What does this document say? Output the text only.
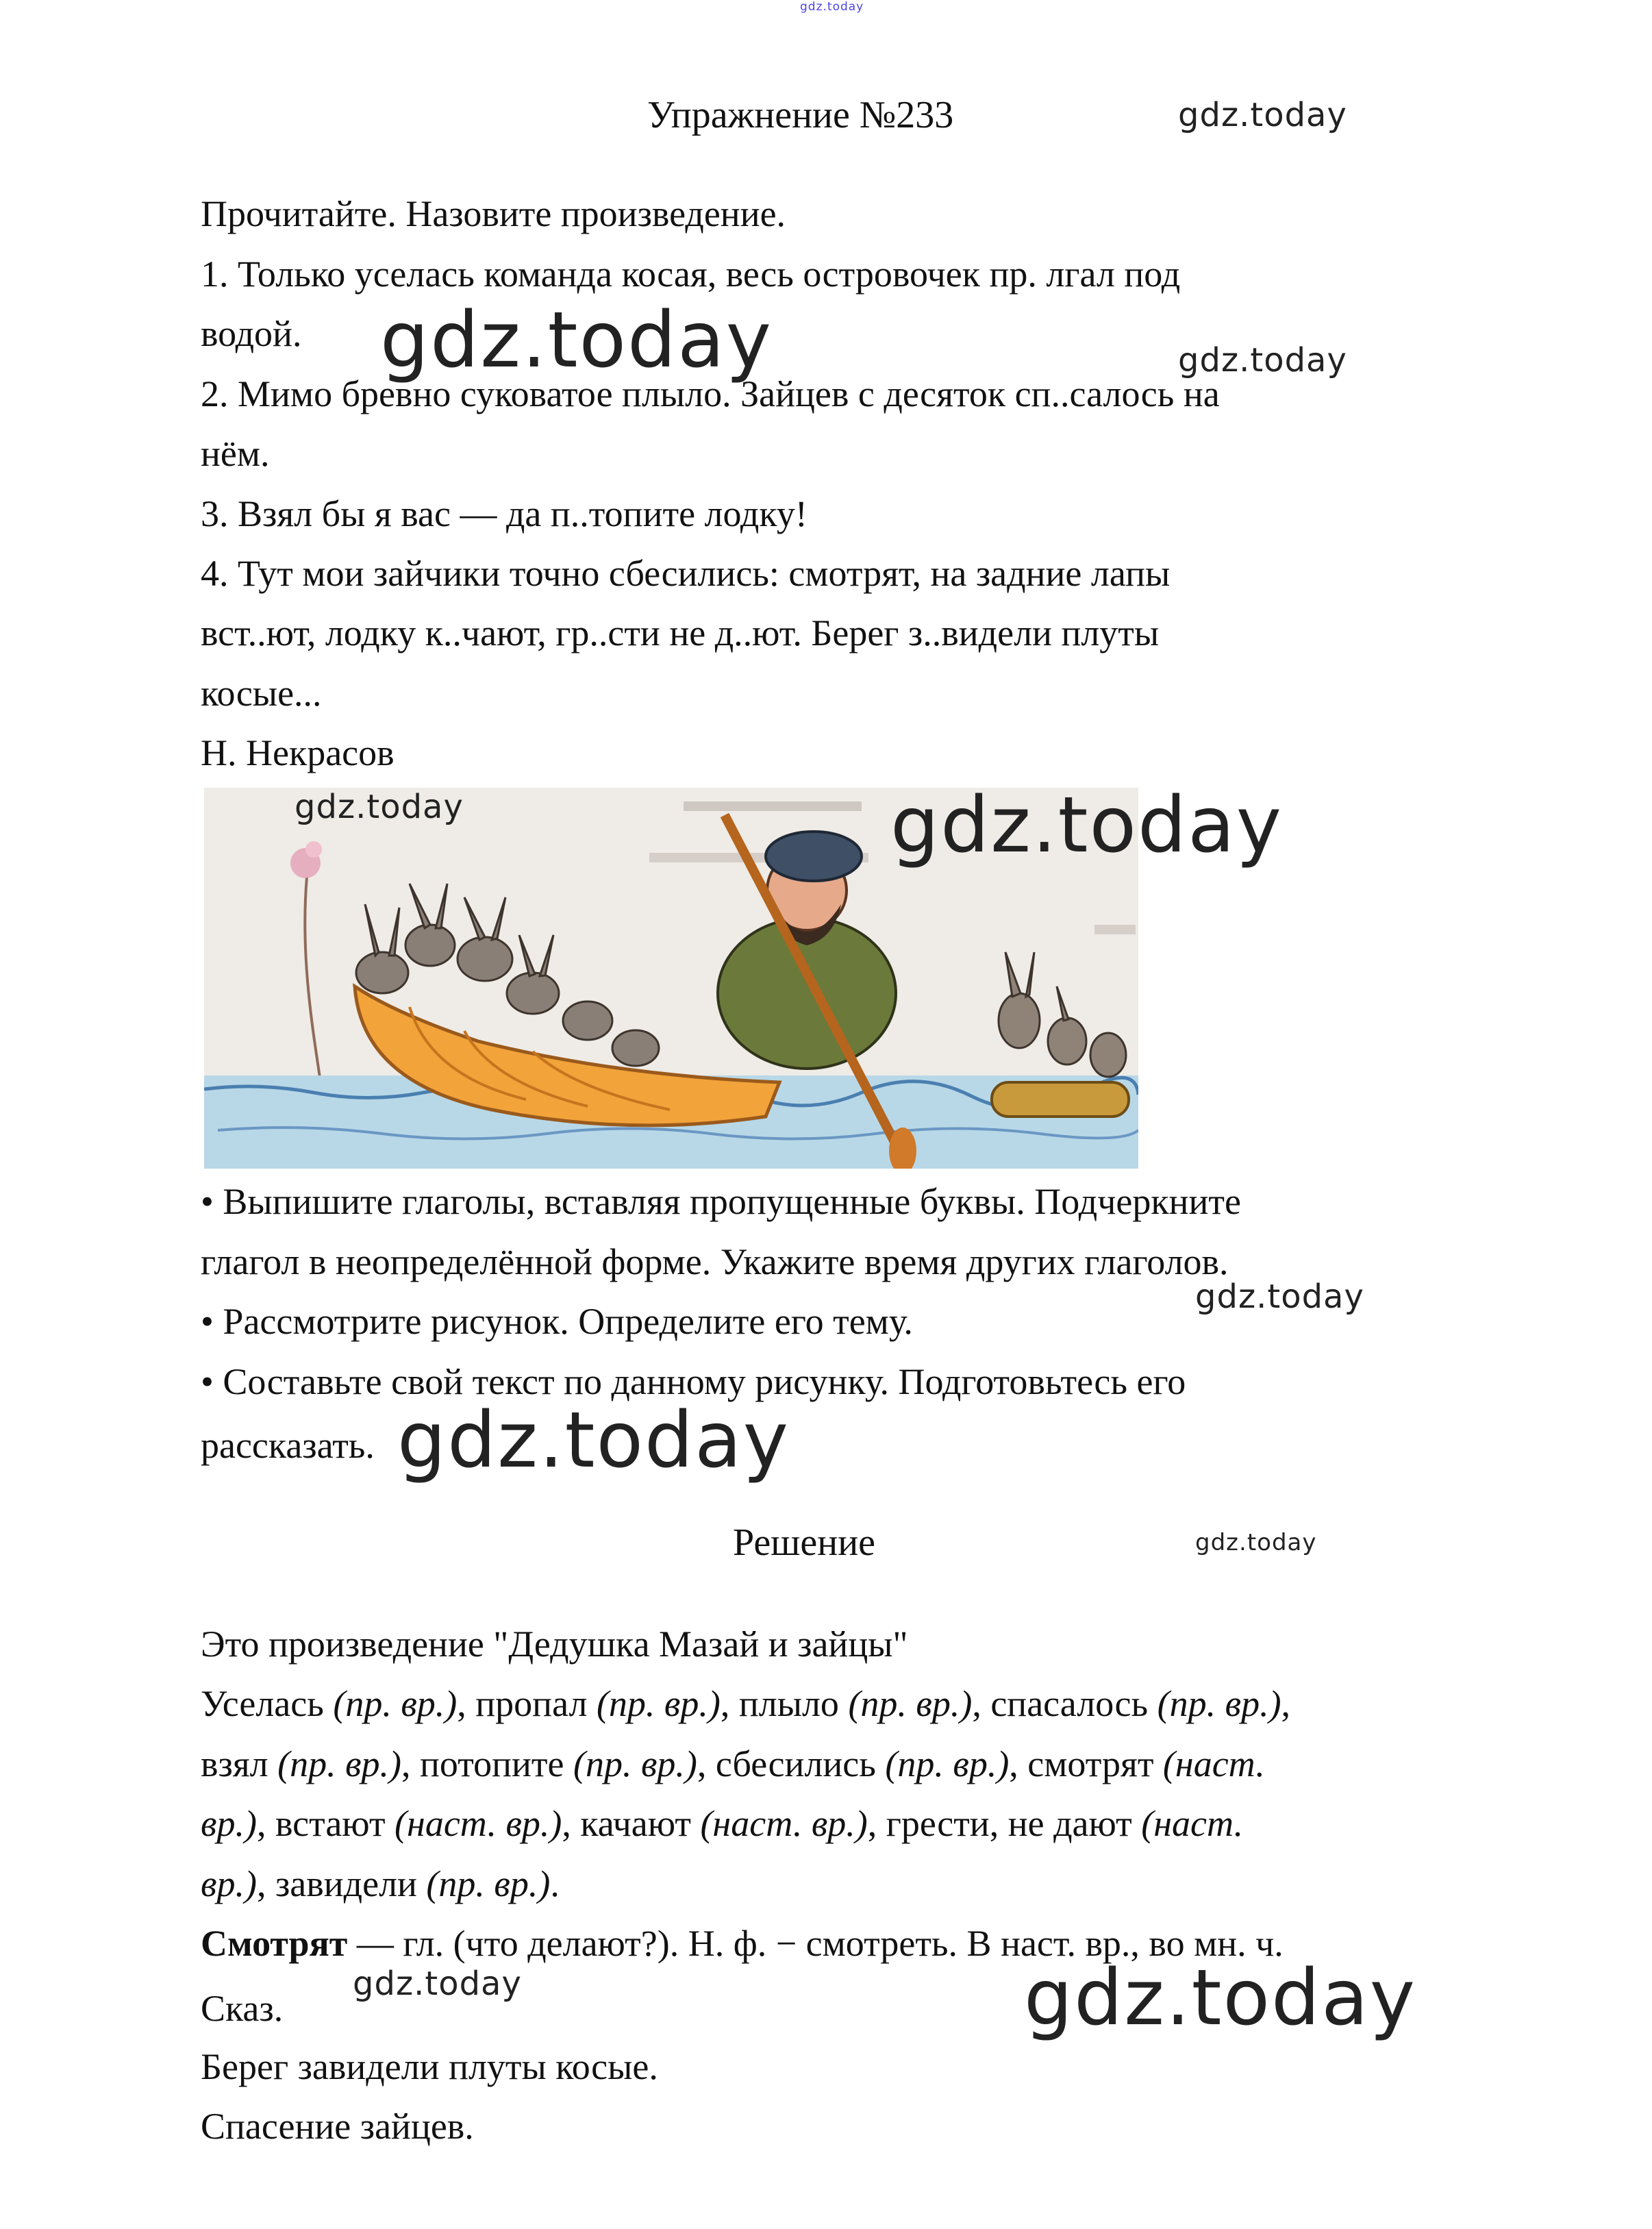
gdz.today
Упражнение №233	gdz.today
Прочитайте. Назовите произведение.
1. Только уселась команда косая, весь островочек пр. лгал под
водой. gdz.today	gdz.today
2. Мимо бревно суковатое плыло. Зайцев с десяток сп..салось на
нём.
3. Взял бы я вас — да п..топите лодку!
4. Тут мои зайчики точно сбесились: смотрят, на задние лапы
вст..ют, лодку к..чают, гр..сти не д..ют. Берег з..видели плуты
косые...
Н. Некрасов
gdz.today	gdz.today
• Выпишите глаголы, вставляя пропущенные буквы. Подчеркните
глагол в неопределённой форме. Укажите время других глаголов.
gdz.today
• Рассмотрите рисунок. Определите его тему.
• Составьте свой текст по данному рисунку. Подготовьтесь его
рассказать. gdz.today
Решение	gdz.today
Это произведение "Дедушка Мазай и зайцы"
Уселась (пр. вр.), пропал (пр. вр.), плыло (пр. вр.), спасалось (пр. вр.),
взял (пр. вр.), потопите (пр. вр.), сбесились (пр. вр.), смотрят (наст.
вр.), встают (наст. вр.), качают (наст. вр.), грести, не дают (наст.
вр.), завидели (пр. вр.).
Смотрят — гл. (что делают?). Н. ф. − смотреть. В наст. вр., во мн. ч.
Сказ.
gdz.today	gdz.today
Берег завидели плуты косые.
Спасение зайцев.
